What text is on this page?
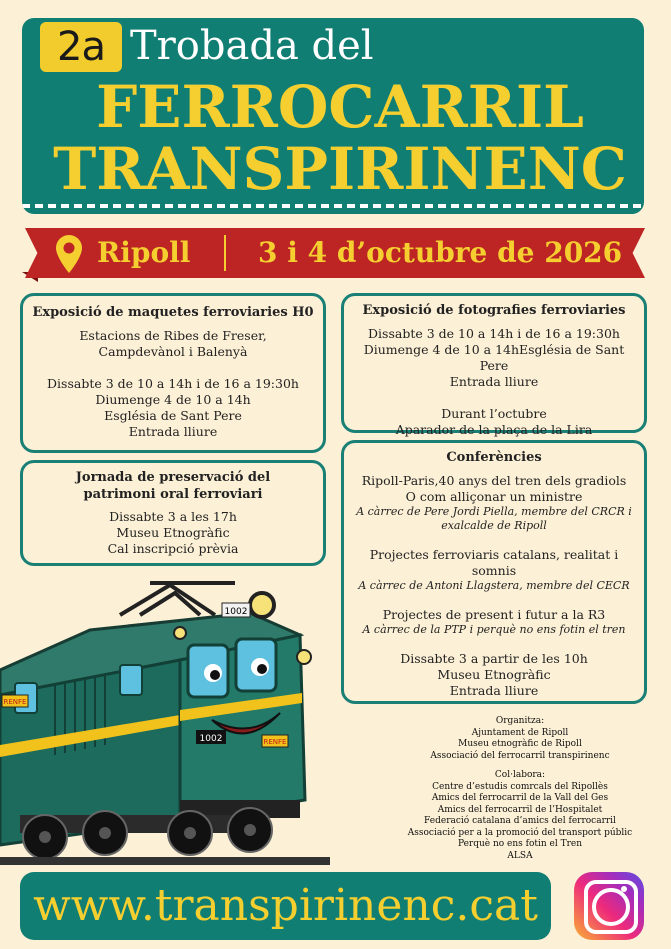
2a Trobada del
FERROCARRIL
TRANSPIRINENC
Ripoll 3 i 4 d’octubre de 2026

Exposició de maquetes ferroviaries H0

Estacions de Ribes de Freser,

Campdevànol i Balenyà

Dissabte 3 de 10 a 14h i de 16 a 19:30h

Diumenge 4 de 10 a 14h

Església de Sant Pere

Entrada lliure

Jornada de preservació del

patrimoni oral ferroviari

Dissabte 3 a les 17h

Museu Etnogràfic

Cal inscripció prèvia

Exposició de fotografies ferroviaries

Dissabte 3 de 10 a 14h i de 16 a 19:30h

Diumenge 4 de 10 a 14hEsglésia de Sant Pere

Entrada lliure

Durant l’octubre

Aparador de la plaça de la Lira

Conferències

Ripoll-Paris,40 anys del tren dels gradiols

O com alliçonar un ministre

A càrrec de Pere Jordi Piella, membre del CRCR i

exalcalde de Ripoll

Projectes ferroviaris catalans, realitat i somnis

A càrrec de Antoni Llagstera, membre del CECR

Projectes de present i futur a la R3

A càrrec de la PTP i perquè no ens fotin el tren

Dissabte 3 a partir de les 10h

Museu Etnogràfic

Entrada lliure

1002
1002
RENFE
RENFE
Organitza:
Ajuntament de Ripoll
Museu etnogràfic de Ripoll
Associació del ferrocarril transpirinenc
Col·labora:
Centre d’estudis comrcals del Ripollès
Amics del ferrocarril de la Vall del Ges
Amics del ferrocarril de l’Hospitalet
Federació catalana d’amics del ferrocarril
Associació per a la promoció del transport públic
Perquè no ens fotin el Tren
ALSA
www.transpirinenc.cat
